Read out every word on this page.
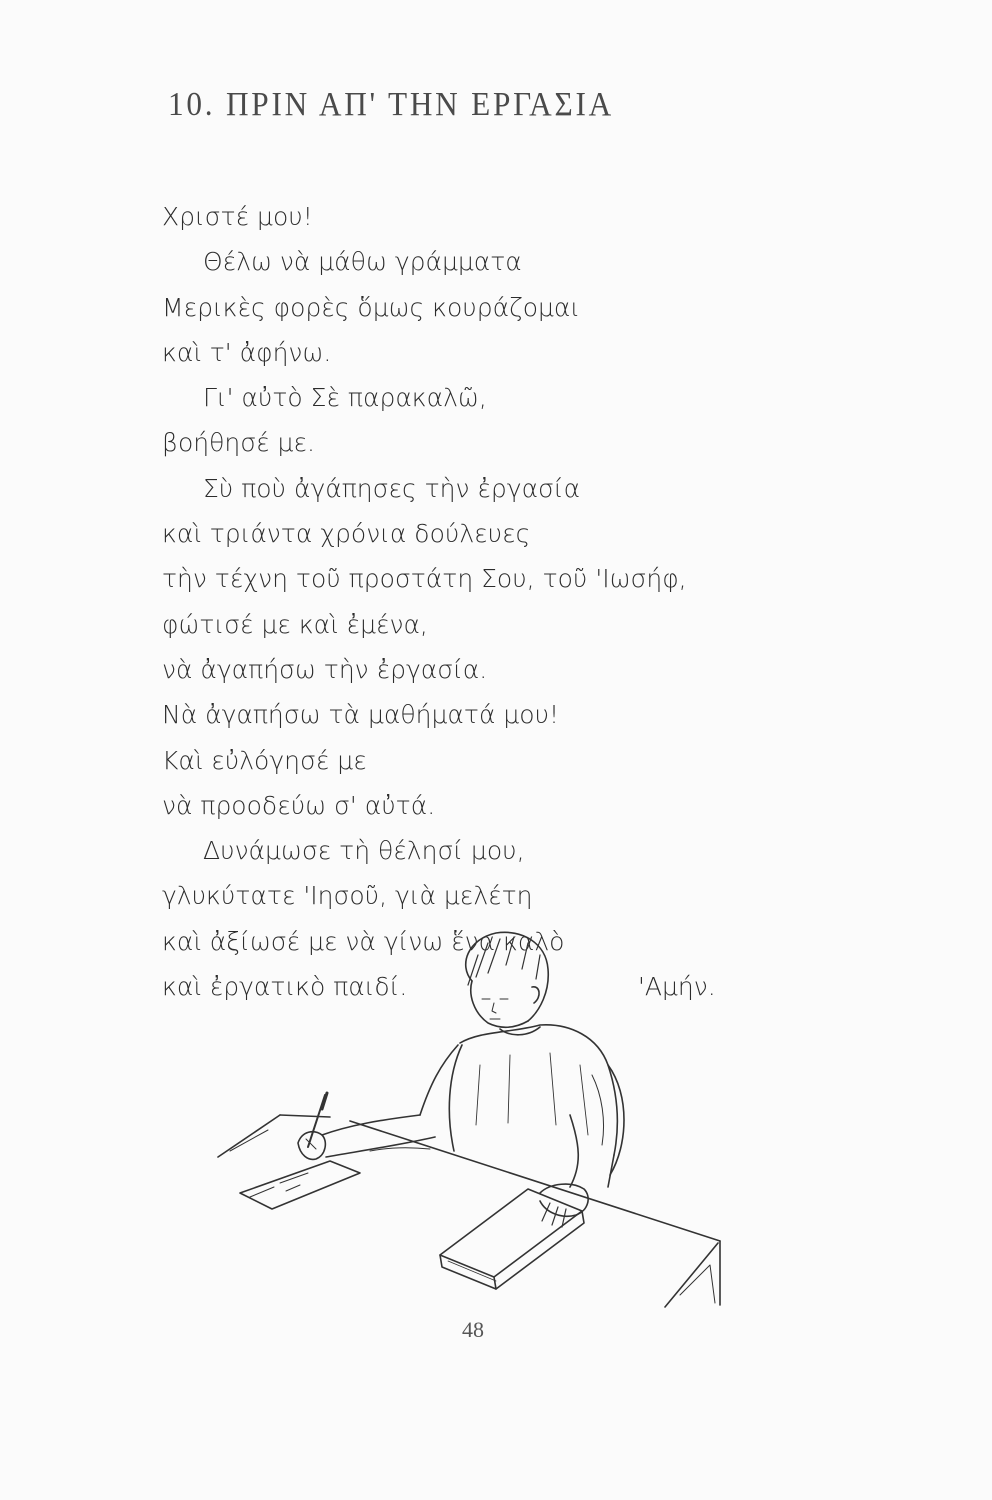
10. ΠΡΙΝ ΑΠ' ΤΗΝ ΕΡΓΑΣΙΑ
Χριστέ μου!
Θέλω νὰ μάθω γράμματα
Μερικὲς φορὲς ὅμως κουράζομαι
καὶ τ' ἀφήνω.
Γι' αὐτὸ Σὲ παρακαλῶ,
βοήθησέ με.
Σὺ ποὺ ἀγάπησες τὴν ἐργασία
καὶ τριάντα χρόνια δούλευες
τὴν τέχνη τοῦ προστάτη Σου, τοῦ 'Ιωσήφ,
φώτισέ με καὶ ἐμένα,
νὰ ἀγαπήσω τὴν ἐργασία.
Νὰ ἀγαπήσω τὰ μαθήματά μου!
Καὶ εὐλόγησέ με
νὰ προοδεύω σ' αὐτά.
Δυνάμωσε τὴ θέλησί μου,
γλυκύτατε 'Ιησοῦ, γιὰ μελέτη
καὶ ἀξίωσέ με νὰ γίνω ἕνα καλὸ
καὶ ἐργατικὸ παιδί.	'Αμήν.
48
